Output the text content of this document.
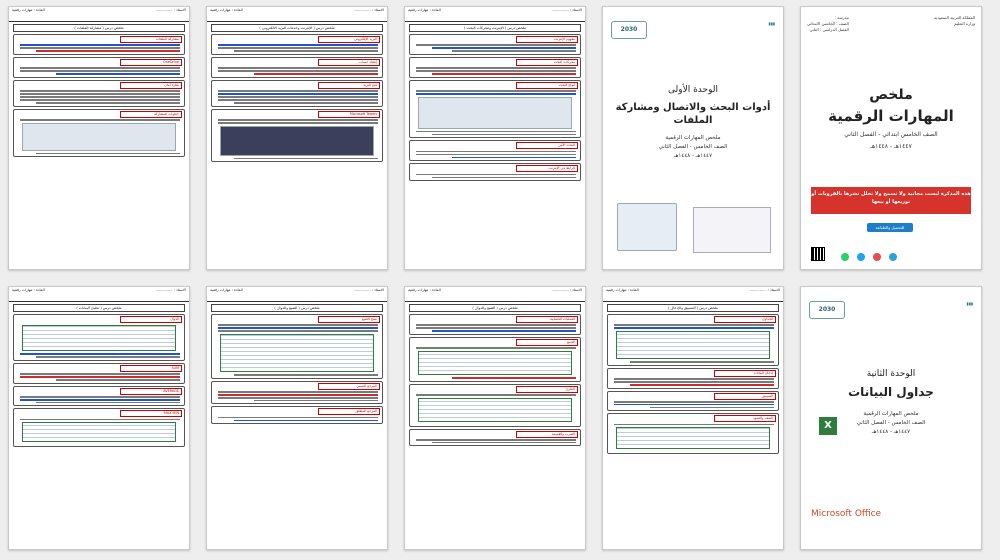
المملكة العربية السعودية
وزارة التعليم
مدرسة :
الصف : الخامس الابتدائي
الفصل الدراسي : الثاني
ملخص
المهارات الرقمية
الصف الخامس ابتدائي - الفصل الثاني
١٤٤٧هـ - ١٤٤٨هـ
هذه المذكرة ليست مجانية ولا نسمح ولا نحلل نشرها بالقروبات أو توزيعها أو بيعها
للتحميل والطباعة
2030
▮▮▮
الوحدة الأولى
أدوات البحث والاتصال ومشاركة الملفات
ملخص المهارات الرقمية
الصف الخامس - الفصل الثاني
١٤٤٧هـ - ١٤٤٨هـ
الاستاذ : ...............
المادة : مهارات رقمية
ملخص درس ( الإنترنت ومحركات البحث )
مفهوم الإنترنت
محركات البحث
أنواع البحث
البحث الآمن
الرابط في الإنترنت
الاستاذ : ...............
المادة : مهارات رقمية
ملخص درس ( الإنترنت وخدمات البريد الالكتروني )
البريد الإلكتروني
إنشاء حساب
فتح البريد
Microsoft Teams
الاستاذ : ...............
المادة : مهارات رقمية
ملخص درس ( مشاركة الملفات )
مشاركة الملفات
OneDrive
نظرة أمان
خطوات المشاركة
2030
▮▮▮
الوحدة الثانية
جداول البيانات
ملخص المهارات الرقمية
الصف الخامس - الفصل الثاني
١٤٤٧هـ - ١٤٤٨هـ
X
Microsoft Office
الاستاذ : ...............
المادة : مهارات رقمية
ملخص درس ( التنسيق والإدخال )
الجداول
إدخال البيانات
التنسيق
الصف والعمود
الاستاذ : ...............
المادة : مهارات رقمية
ملخص درس ( الصيغ والدوال )
العمليات الحسابية
الجمع
الطرح
الضرب والقسمة
الاستاذ : ...............
المادة : مهارات رقمية
ملخص درس ( الصيغ والدوال )
نسخ الصيغ
المرجع النسبي
المرجع المطلق
الاستاذ : ...............
المادة : مهارات رقمية
ملخص درس ( تحليل البيانات )
الدوال
SUM
AVERAGE
MAX MIN
